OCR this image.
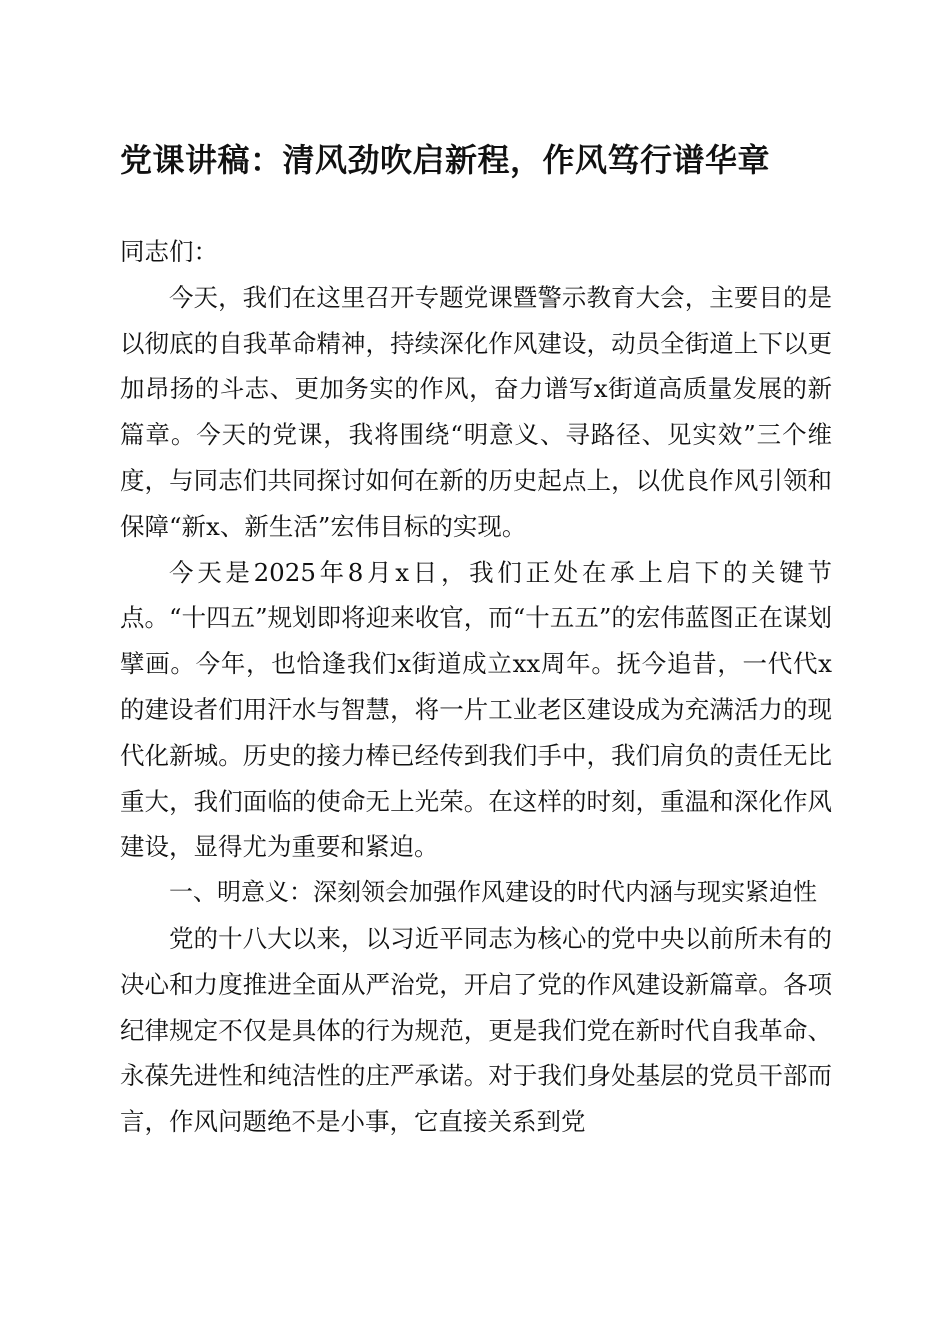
党课讲稿：清风劲吹启新程，作风笃行谱华章

同志们：

今天，我们在这里召开专题党课暨警示教育大会，主要目的是以彻底的自我革命精神，持续深化作风建设，动员全街道上下以更加昂扬的斗志、更加务实的作风，奋力谱写x街道高质量发展的新篇章。今天的党课，我将围绕“明意义、寻路径、见实效”三个维度，与同志们共同探讨如何在新的历史起点上，以优良作风引领和保障“新x、新生活”宏伟目标的实现。

今天是2025年8月x日，我们正处在承上启下的关键节点。“十四五”规划即将迎来收官，而“十五五”的宏伟蓝图正在谋划擘画。今年，也恰逢我们x街道成立xx周年。抚今追昔，一代代x的建设者们用汗水与智慧，将一片工业老区建设成为充满活力的现代化新城。历史的接力棒已经传到我们手中，我们肩负的责任无比重大，我们面临的使命无上光荣。在这样的时刻，重温和深化作风建设，显得尤为重要和紧迫。

一、明意义：深刻领会加强作风建设的时代内涵与现实紧迫性

党的十八大以来，以习近平同志为核心的党中央以前所未有的决心和力度推进全面从严治党，开启了党的作风建设新篇章。各项纪律规定不仅是具体的行为规范，更是我们党在新时代自我革命、永葆先进性和纯洁性的庄严承诺。对于我们身处基层的党员干部而言，作风问题绝不是小事，它直接关系到党
